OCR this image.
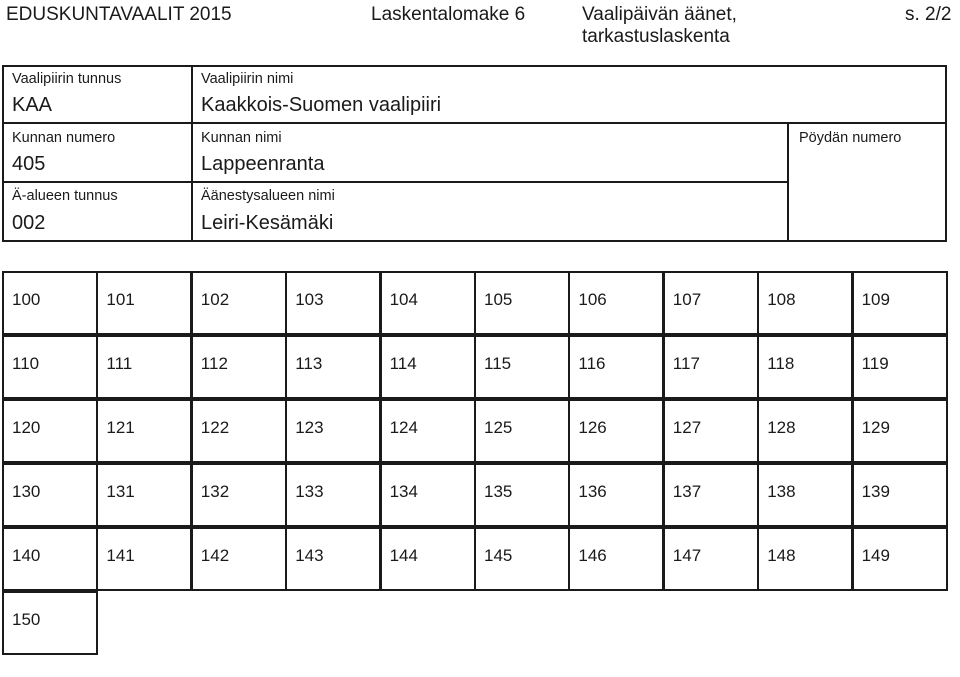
EDUSKUNTAVAALIT 2015	Laskentalomake 6	Vaalipäivän äänet,
tarkastuslaskenta
s. 2/2
Vaalipiirin tunnus
KAA
Vaalipiirin nimi
Kaakkois-Suomen vaalipiiri
Kunnan numero
405
Kunnan nimi
Lappeenranta
Pöydän numero
Ä-alueen tunnus
002
Äänestysalueen nimi
Leiri-Kesämäki
100	101	102	103	104	105	106	107	108	109
110	111	112	113	114	115	116	117	118	119
120	121	122	123	124	125	126	127	128	129
130	131	132	133	134	135	136	137	138	139
140	141	142	143	144	145	146	147	148	149
150
